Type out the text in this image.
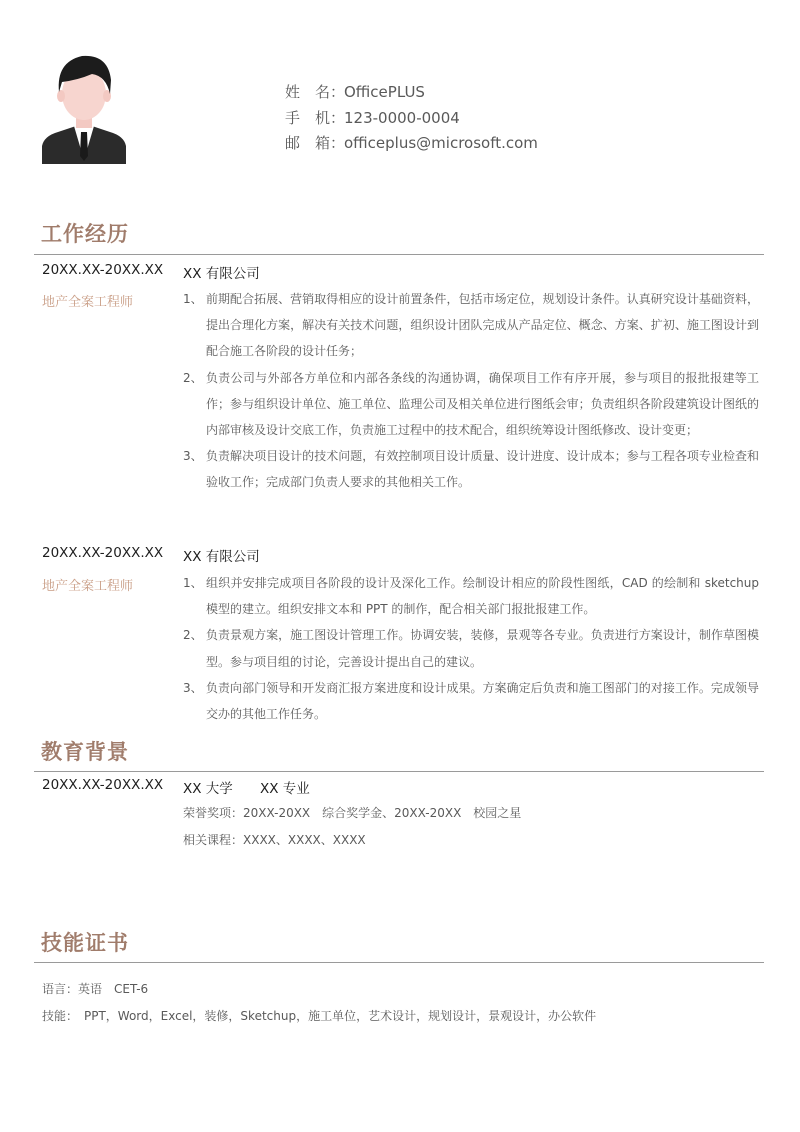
姓　名：
OfficePLUS
手　机：
123-0000-0004
邮　箱：
officeplus@microsoft.com
工作经历
20XX.XX-20XX.XX XX 有限公司
地产全案工程师	1、 前期配合拓展、营销取得相应的设计前置条件，包括市场定位，规划设计条件。认真研究设计基础资料，提出合理化方案，解决有关技术问题，组织设计团队完成从产品定位、概念、方案、扩初、施工图设计到配合施工各阶段的设计任务；
2、 负责公司与外部各方单位和内部各条线的沟通协调，确保项目工作有序开展，参与项目的报批报建等工作；参与组织设计单位、施工单位、监理公司及相关单位进行图纸会审；负责组织各阶段建筑设计图纸的内部审核及设计交底工作，负责施工过程中的技术配合，组织统筹设计图纸修改、设计变更；
3、 负责解决项目设计的技术问题，有效控制项目设计质量、设计进度、设计成本；参与工程各项专业检查和验收工作；完成部门负责人要求的其他相关工作。
20XX.XX-20XX.XX XX 有限公司
地产全案工程师	1、 组织并安排完成项目各阶段的设计及深化工作。绘制设计相应的阶段性图纸，CAD 的绘制和 sketchup 模型的建立。组织安排文本和 PPT 的制作，配合相关部门报批报建工作。
2、 负责景观方案，施工图设计管理工作。协调安装，装修，景观等各专业。负责进行方案设计，制作草图模型。参与项目组的讨论，完善设计提出自己的建议。
3、 负责向部门领导和开发商汇报方案进度和设计成果。方案确定后负责和施工图部门的对接工作。完成领导交办的其他工作任务。
教育背景
20XX.XX-20XX.XX XX 大学 XX 专业
荣誉奖项：20XX-20XX　综合奖学金、20XX-20XX　校园之星
相关课程：XXXX、XXXX、XXXX
技能证书
语言：英语　CET-6
技能：　PPT，Word，Excel，装修，Sketchup，施工单位，艺术设计，规划设计，景观设计，办公软件
